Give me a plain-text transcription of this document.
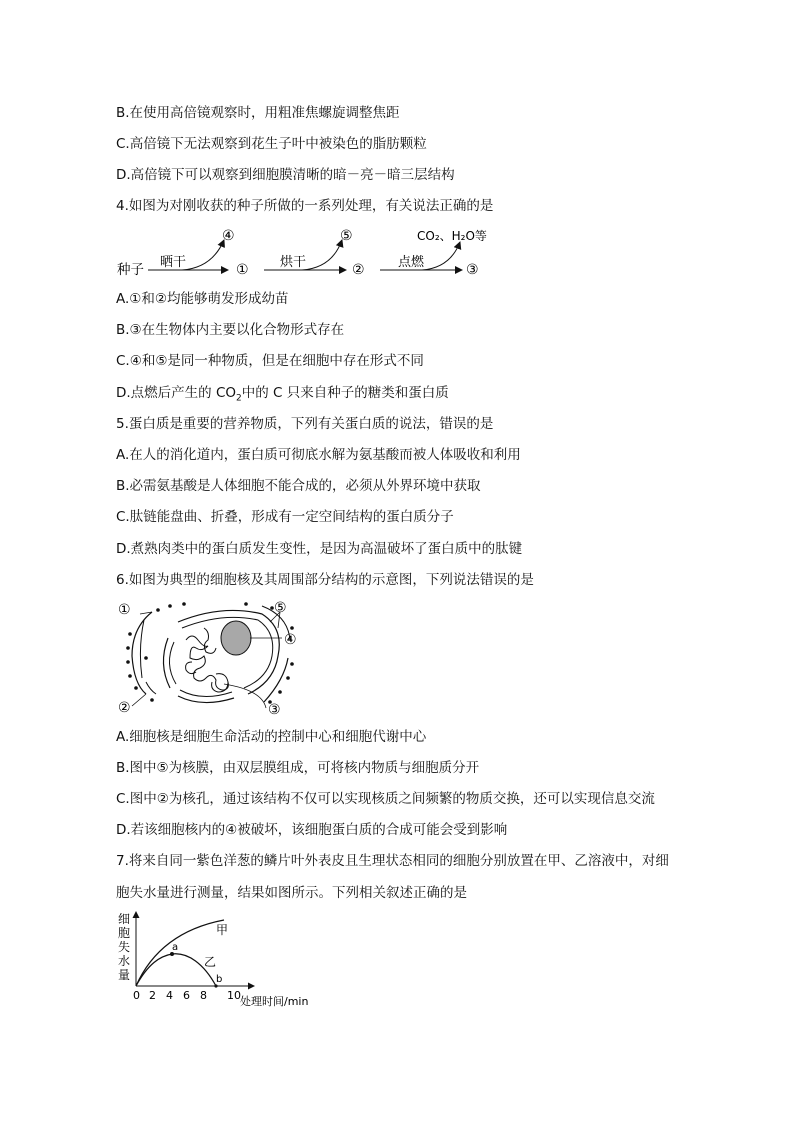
B.在使用高倍镜观察时，用粗准焦螺旋调整焦距
C.高倍镜下无法观察到花生子叶中被染色的脂肪颗粒
D.高倍镜下可以观察到细胞膜清晰的暗－亮－暗三层结构
4.如图为对刚收获的种子所做的一系列处理，有关说法正确的是
种子 晒干
④
① 烘干
⑤
②	点燃
CO₂、H₂O等
③
A.①和②均能够萌发形成幼苗
B.③在生物体内主要以化合物形式存在
C.④和⑤是同一种物质，但是在细胞中存在形式不同
D.点燃后产生的 $CO_2$中的 C 只来自种子的糖类和蛋白质
5.蛋白质是重要的营养物质，下列有关蛋白质的说法，错误的是
A.在人的消化道内，蛋白质可彻底水解为氨基酸而被人体吸收和利用
B.必需氨基酸是人体细胞不能合成的，必须从外界环境中获取
C.肽链能盘曲、折叠，形成有一定空间结构的蛋白质分子
D.煮熟肉类中的蛋白质发生变性，是因为高温破坏了蛋白质中的肽键
6.如图为典型的细胞核及其周围部分结构的示意图，下列说法错误的是
①
②	③
④
⑤
A.细胞核是细胞生命活动的控制中心和细胞代谢中心
B.图中⑤为核膜，由双层膜组成，可将核内物质与细胞质分开
C.图中②为核孔，通过该结构不仅可以实现核质之间频繁的物质交换，还可以实现信息交流
D.若该细胞核内的④被破坏，该细胞蛋白质的合成可能会受到影响
7.将来自同一紫色洋葱的鳞片叶外表皮且生理状态相同的细胞分别放置在甲、乙溶液中，对细
胞失水量进行测量，结果如图所示。下列相关叙述正确的是
细
胞
失
水
量
甲
乙
a
b
0 2 4 6 8 10 处理时间/min
